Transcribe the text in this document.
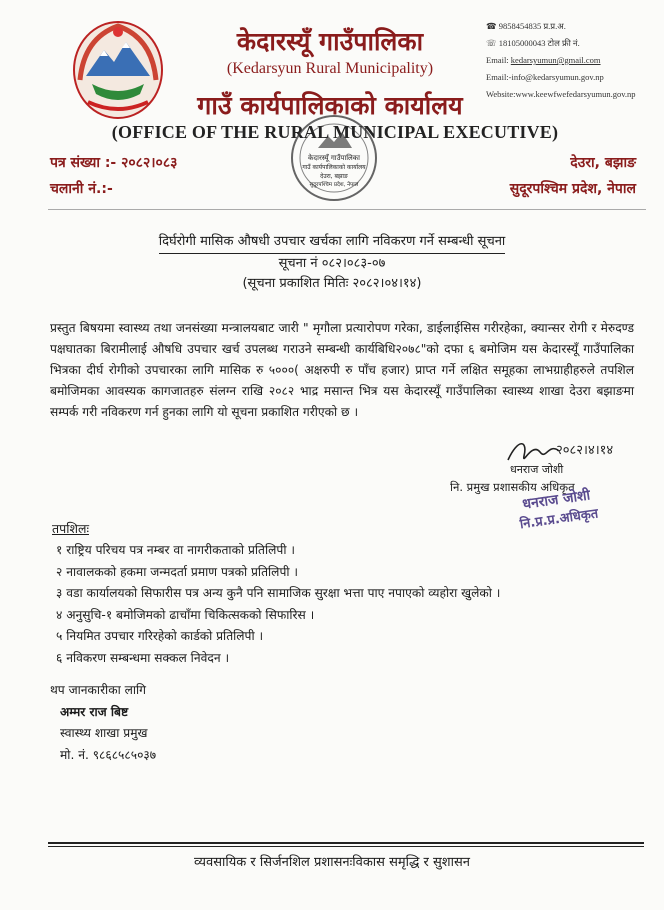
केदारस्यूँ गाउँपालिका
(Kedarsyun Rural Municipality)
गाउँ कार्यपालिकाको कार्यालय
(OFFICE OF THE RURAL MUNICIPAL EXECUTIVE)
☎ 9858454835 प्र.प्र.अ.
☏ 18105000043 टोल फ्री नं.
Email: kedarsyumun@gmail.com
Email:-info@kedarsyumun.gov.np
Website:www.keewfwefedarsyumun.gov.np
पत्र संख्या :- २०८२।०८३
चलानी नं.:-
देउरा, बझाङ
सुदूरपश्चिम प्रदेश, नेपाल
केदारस्यूँ गाउँपालिका
गाउँ कार्यपालिकाको कार्यालय
देउरा, बझाङ
सुदूरपश्चिम प्रदेश, नेपाल
दिर्घरोगी मासिक औषधी उपचार खर्चका लागि नविकरण गर्ने सम्बन्धी सूचना
सूचना नं ०८२।०८३-०७
(सूचना प्रकाशित मितिः २०८२।०४।१४)

प्रस्तुत बिषयमा स्वास्थ्य तथा जनसंख्या मन्त्रालयबाट जारी " मृगौला प्रत्यारोपण गरेका, डाईलाईसिस गरीरहेका, क्यान्सर रोगी र मेरुदण्ड पक्षघातका बिरामीलाई औषधि उपचार खर्च उपलब्ध गराउने सम्बन्धी कार्यबिधि२०७८"को दफा ६ बमोजिम यस केदारस्यूँ गाउँपालिका भित्रका दीर्घ रोगीको उपचारका लागि मासिक रु ५०००( अक्षरुपी रु पाँच हजार) प्राप्त गर्ने लक्षित समूहका लाभग्राहीहरुले तपशिल बमोजिमका आवस्यक कागजातहरु संलग्न राखि २०८२ भाद्र मसान्त भित्र यस केदारस्यूँ गाउँपालिका स्वास्थ्य शाखा देउरा बझाङमा सम्पर्क गरी नविकरण गर्न हुनका लागि यो सूचना प्रकाशित गरीएको छ ।

२०८२।४।१४
धनराज जोशी
नि. प्रमुख प्रशासकीय अधिकृत
धनराज जोशी
नि.प्र.प्र.अधिकृत
तपशिलः
१ राष्ट्रिय परिचय पत्र नम्बर वा नागरीकताको प्रतिलिपी ।
२ नावालकको हकमा जन्मदर्ता प्रमाण पत्रको प्रतिलिपी ।
३ वडा कार्यालयको सिफारीस पत्र अन्य कुनै पनि सामाजिक सुरक्षा भत्ता पाए नपाएको व्यहोरा खुलेको ।
४ अनुसुचि-१ बमोजिमको ढाचाँमा चिकित्सकको सिफारिस ।
५ नियमित उपचार गरिरहेको कार्डको प्रतिलिपी ।
६ नविकरण सम्बन्धमा सक्कल निवेदन ।
थप जानकारीका लागि
अम्मर राज बिष्ट
स्वास्थ्य शाखा प्रमुख
मो. नं. ९८६८५८५०३७
व्यवसायिक र सिर्जनशिल प्रशासनःविकास समृद्धि र सुशासन
